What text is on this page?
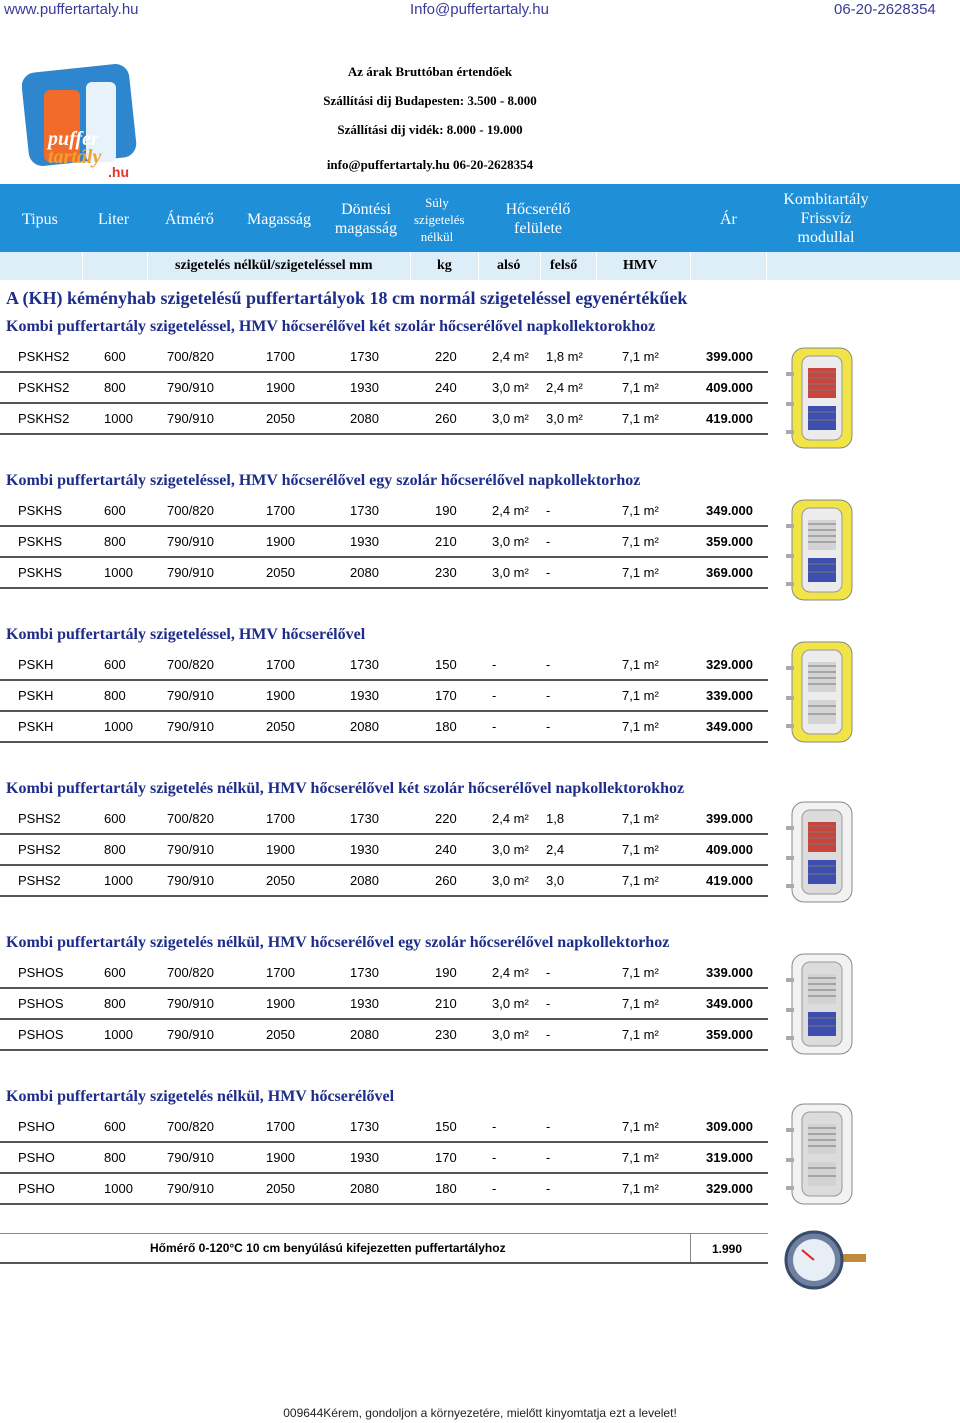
www.puffertartaly.hu	Info@puffertartaly.hu	06-20-2628354
puffer
tartály
.hu
Az árak Bruttóban értendőek
Szállítási dij Budapesten: 3.500 - 8.000
Szállítási dij vidék: 8.000 - 19.000
info@puffertartaly.hu 06-20-2628354
Tipus	Liter Átmérő Magasság
Döntési
magasság
Súly
szigetelés
nélkül
Hőcserélő
felülete
Ár
Kombitartály
Frissvíz
modullal
szigetelés nélkül/szigeteléssel mm	kg	alsó felső	HMV
A (KH) kéményhab szigetelésű puffertartályok 18 cm normál szigeteléssel egyenértékűek
Kombi puffertartály szigeteléssel, HMV hőcserélővel két szolár hőcserélővel napkollektorokhoz
PSKHS2	600	700/820	1700	1730	220	2,4 m² 1,8 m²	7,1 m²	399.000
PSKHS2	800	790/910	1900	1930	240	3,0 m² 2,4 m²	7,1 m²	409.000
PSKHS2	1000	790/910	2050	2080	260	3,0 m² 3,0 m²	7,1 m²	419.000
Kombi puffertartály szigeteléssel, HMV hőcserélővel egy szolár hőcserélővel napkollektorhoz
PSKHS	600	700/820	1700	1730	190	2,4 m² -	7,1 m²	349.000
PSKHS	800	790/910	1900	1930	210	3,0 m² -	7,1 m²	359.000
PSKHS	1000	790/910	2050	2080	230	3,0 m² -	7,1 m²	369.000
Kombi puffertartály szigeteléssel, HMV hőcserélővel
PSKH	600	700/820	1700	1730	150	-	-	7,1 m²	329.000
PSKH	800	790/910	1900	1930	170	-	-	7,1 m²	339.000
PSKH	1000	790/910	2050	2080	180	-	-	7,1 m²	349.000
Kombi puffertartály szigetelés nélkül, HMV hőcserélővel két szolár hőcserélővel napkollektorokhoz
PSHS2	600	700/820	1700	1730	220	2,4 m² 1,8	7,1 m²	399.000
PSHS2	800	790/910	1900	1930	240	3,0 m² 2,4	7,1 m²	409.000
PSHS2	1000	790/910	2050	2080	260	3,0 m² 3,0	7,1 m²	419.000
Kombi puffertartály szigetelés nélkül, HMV hőcserélővel egy szolár hőcserélővel napkollektorhoz
PSHOS	600	700/820	1700	1730	190	2,4 m² -	7,1 m²	339.000
PSHOS	800	790/910	1900	1930	210	3,0 m² -	7,1 m²	349.000
PSHOS	1000	790/910	2050	2080	230	3,0 m² -	7,1 m²	359.000
Kombi puffertartály szigetelés nélkül, HMV hőcserélővel
PSHO	600	700/820	1700	1730	150	-	-	7,1 m²	309.000
PSHO	800	790/910	1900	1930	170	-	-	7,1 m²	319.000
PSHO	1000	790/910	2050	2080	180	-	-	7,1 m²	329.000
Hőmérő 0-120°C 10 cm benyúlású kifejezetten puffertartályhoz	1.990
009644Kérem, gondoljon a környezetére, mielőtt kinyomtatja ezt a levelet!
